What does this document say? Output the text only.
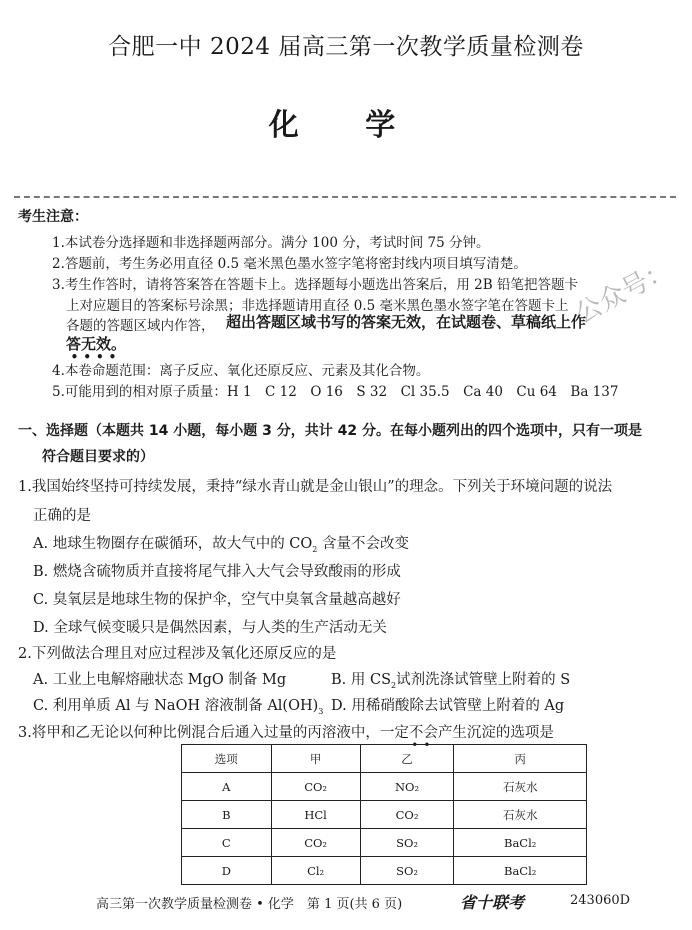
合肥一中 2024 届高三第一次教学质量检测卷
化 学
考生注意：
1.本试卷分选择题和非选择题两部分。满分 100 分，考试时间 75 分钟。
2.答题前，考生务必用直径 0.5 毫米黑色墨水签字笔将密封线内项目填写清楚。
3.考生作答时，请将答案答在答题卡上。选择题每小题选出答案后，用 2B 铅笔把答题卡
上对应题目的答案标号涂黑；非选择题请用直径 0.5 毫米黑色墨水签字笔在答题卡上
各题的答题区域内作答， 超出答题区域书写的答案无效，在试题卷、草稿纸上作
答无效。
••••
4.本卷命题范围：离子反应、氧化还原反应、元素及其化合物。
5.可能用到的相对原子质量：H 1　C 12　O 16　S 32　Cl 35.5　Ca 40　Cu 64　Ba 137
一、选择题（本题共 14 小题，每小题 3 分，共计 42 分。在每小题列出的四个选项中，只有一项是
符合题目要求的）
1.我国始终坚持可持续发展，秉持“绿水青山就是金山银山”的理念。下列关于环境问题的说法
正确的是
A. 地球生物圈存在碳循环，故大气中的 $CO_2$ 含量不会改变
B. 燃烧含硫物质并直接将尾气排入大气会导致酸雨的形成
C. 臭氧层是地球生物的保护伞，空气中臭氧含量越高越好
D. 全球气候变暖只是偶然因素，与人类的生产活动无关
2.下列做法合理且对应过程涉及氧化还原反应的是
A. 工业上电解熔融状态 MgO 制备 Mg	B. 用 $CS_2$试剂洗涤试管壁上附着的 S
C. 利用单质 Al 与 NaOH 溶液制备 $Al(OH)_3$ D. 用稀硝酸除去试管壁上附着的 Ag
3.将甲和乙无论以何种比例混合后通入过量的丙溶液中，一定不会
••
产生沉淀的选项是
选项	甲	乙	丙
A	CO₂	NO₂	石灰水
B	HCl	CO₂	石灰水
C	CO₂	SO₂	BaCl₂
D	Cl₂	SO₂	BaCl₂
高三第一次教学质量检测卷 • 化学　第 1 页(共 6 页)	省十联考	243060D
公众号：
